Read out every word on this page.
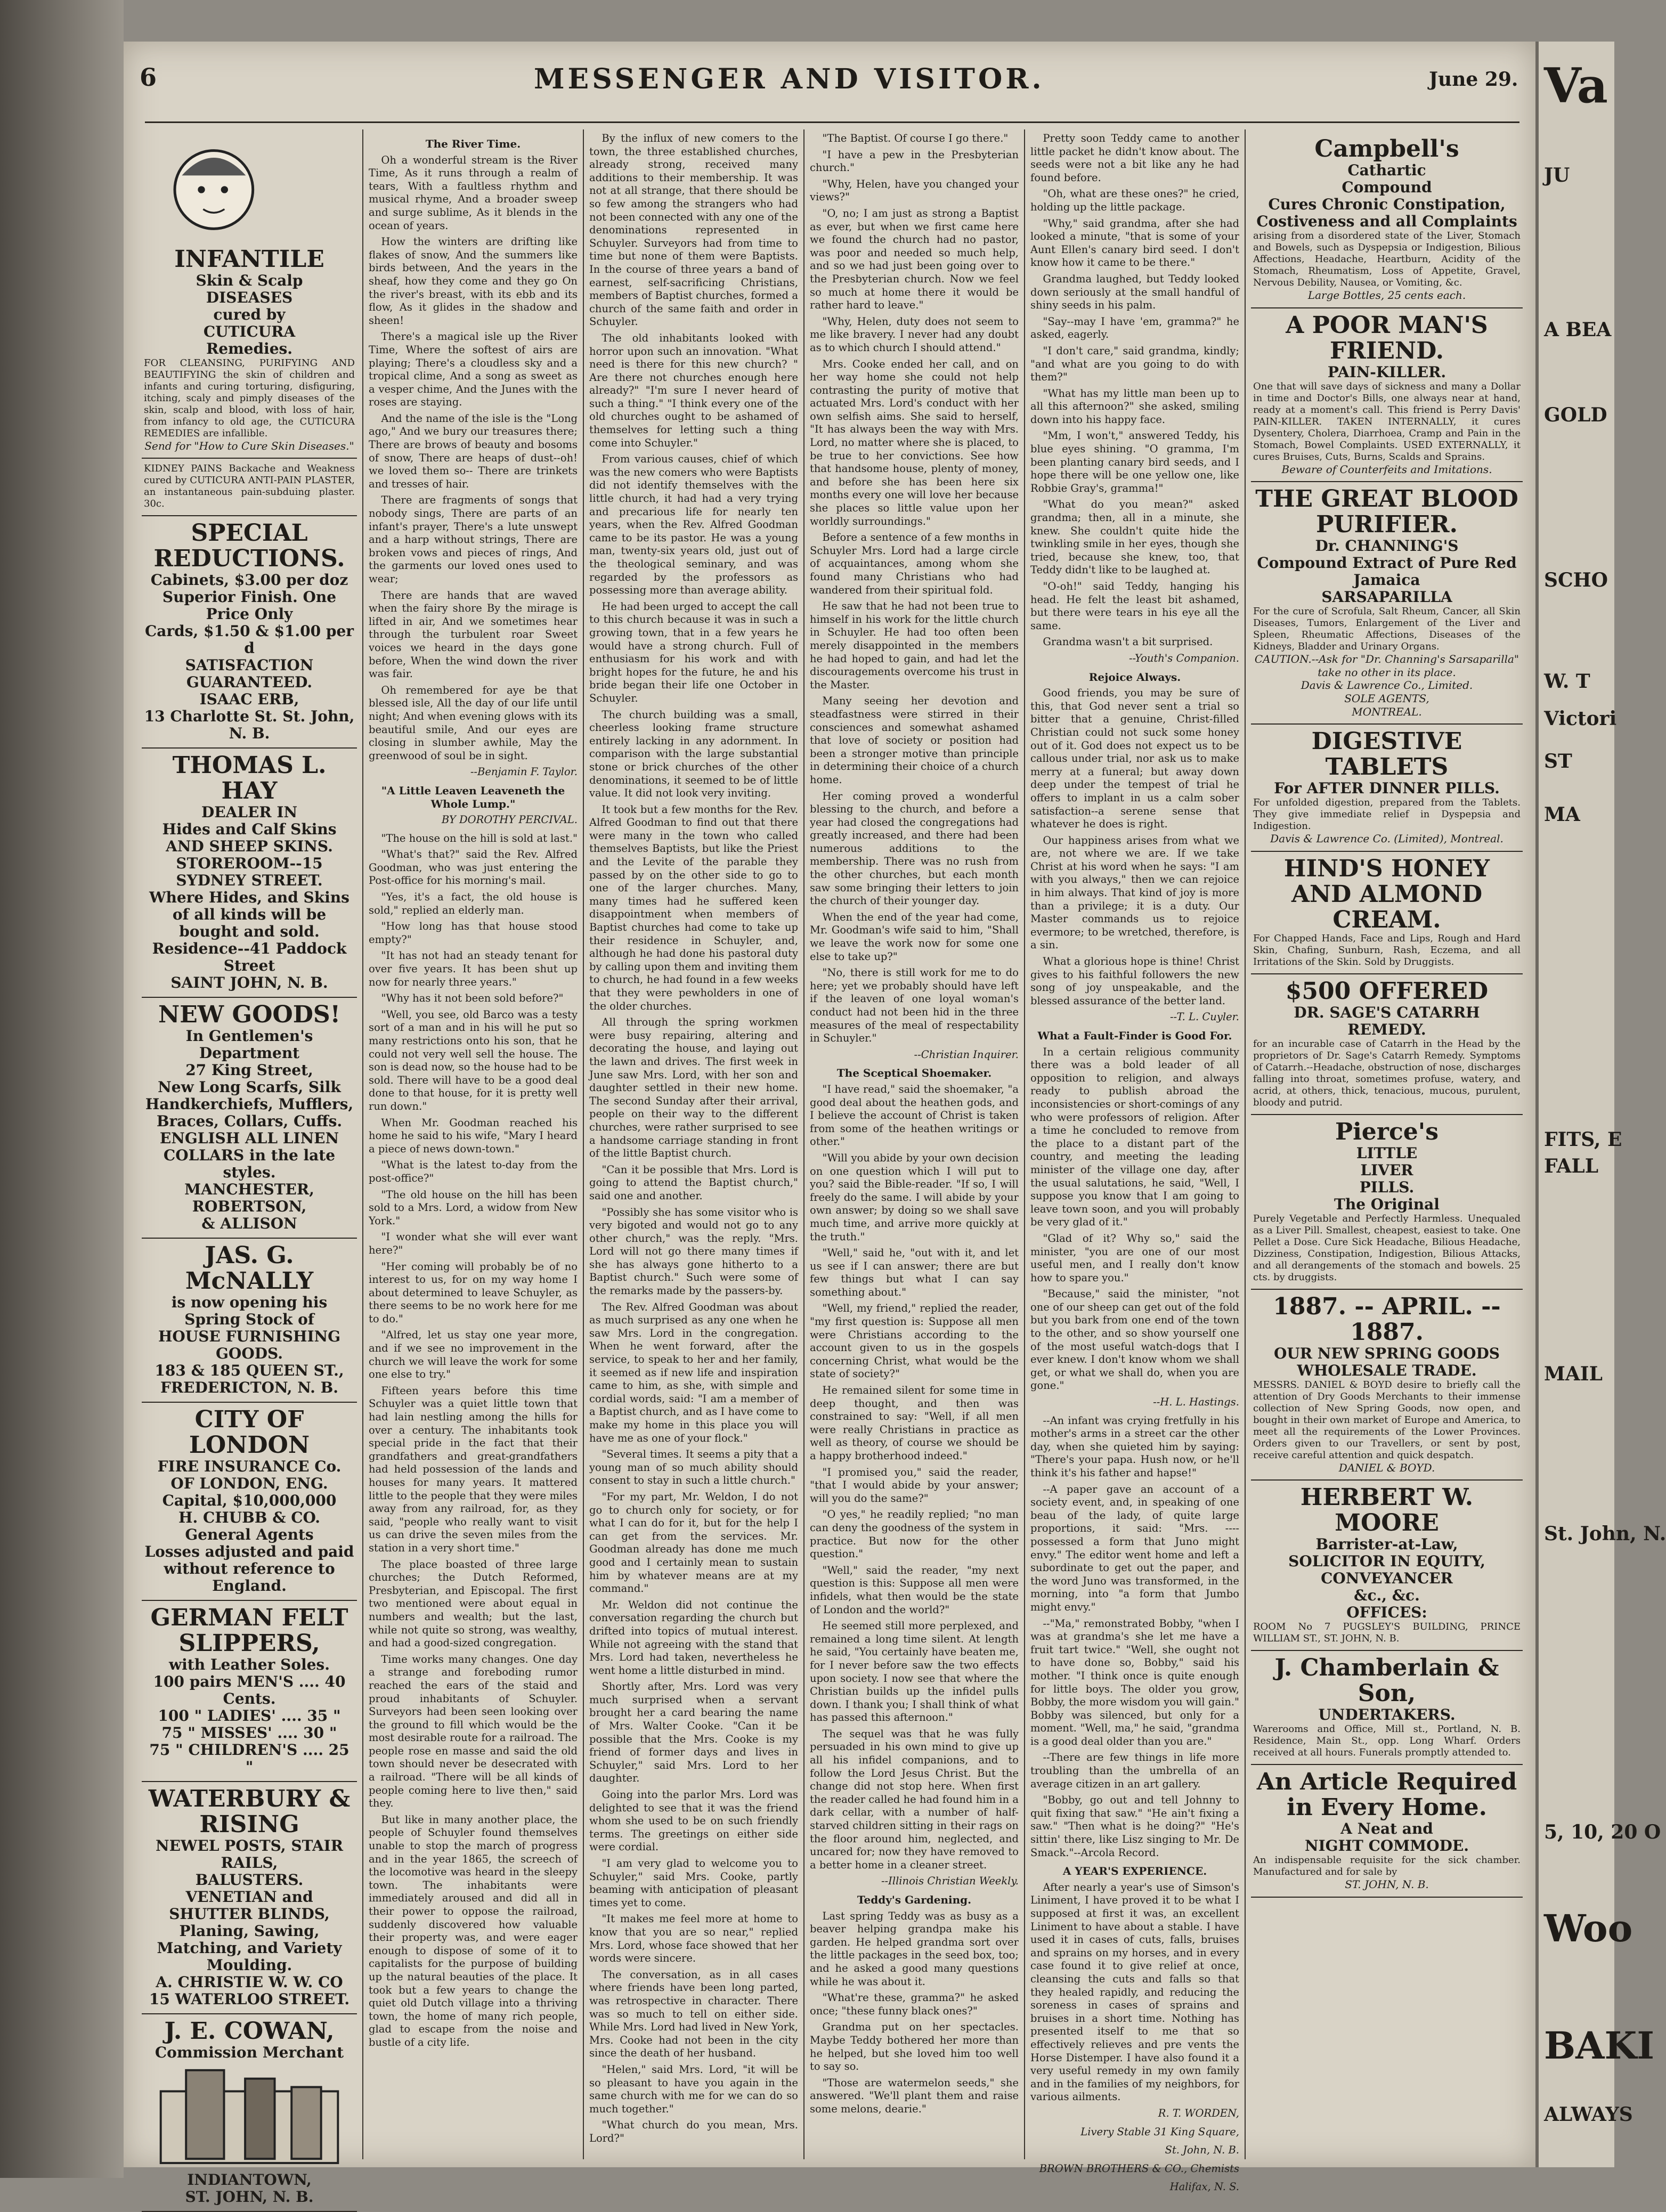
6	MESSENGER AND VISITOR.	June 29.
INFANTILE
Skin & Scalp
DISEASES
cured by
CUTICURA
Remedies.
FOR CLEANSING, PURIFYING AND BEAUTIFYING the skin of children and infants and curing torturing, disfiguring, itching, scaly and pimply diseases of the skin, scalp and blood, with loss of hair, from infancy to old age, the CUTICURA REMEDIES are infallible.
Send for "How to Cure Skin Diseases."
KIDNEY PAINS Backache and Weakness cured by CUTICURA ANTI-PAIN PLASTER, an instantaneous pain-subduing plaster. 30c.
SPECIAL REDUCTIONS.
Cabinets, $3.00 per doz
Superior Finish. One Price Only
Cards, $1.50 & $1.00 per d
SATISFACTION GUARANTEED.
ISAAC ERB,
13 Charlotte St. St. John, N. B.
THOMAS L. HAY
DEALER IN
Hides and Calf Skins
AND SHEEP SKINS.
STOREROOM--15 SYDNEY STREET.
Where Hides, and Skins of all kinds will be bought and sold.
Residence--41 Paddock Street
SAINT JOHN, N. B.
NEW GOODS!
In Gentlemen's Department
27 King Street,
New Long Scarfs, Silk Handkerchiefs, Mufflers, Braces, Collars, Cuffs.
ENGLISH ALL LINEN COLLARS in the late styles.
MANCHESTER,
ROBERTSON,
& ALLISON
JAS. G. McNALLY
is now opening his Spring Stock of
HOUSE FURNISHING GOODS.
183 & 185 QUEEN ST., FREDERICTON, N. B.
CITY OF LONDON
FIRE INSURANCE Co.
OF LONDON, ENG.
Capital, $10,000,000
H. CHUBB & CO.
General Agents
Losses adjusted and paid without reference to England.
GERMAN FELT SLIPPERS,
with Leather Soles.
100 pairs MEN'S .... 40 Cents.
100 " LADIES' .... 35 "
75 " MISSES' .... 30 "
75 " CHILDREN'S .... 25 "
WATERBURY & RISING
NEWEL POSTS, STAIR RAILS,
BALUSTERS.
VENETIAN and SHUTTER BLINDS,
Planing, Sawing, Matching, and Variety Moulding.
A. CHRISTIE W. W. CO
15 WATERLOO STREET.
J. E. COWAN,
Commission Merchant
INDIANTOWN,
ST. JOHN, N. B.
The River Time.

Oh a wonderful stream is the River Time, As it runs through a realm of tears, With a faultless rhythm and musical rhyme, And a broader sweep and surge sublime, As it blends in the ocean of years.

How the winters are drifting like flakes of snow, And the summers like birds between, And the years in the sheaf, how they come and they go On the river's breast, with its ebb and its flow, As it glides in the shadow and sheen!

There's a magical isle up the River Time, Where the softest of airs are playing; There's a cloudless sky and a tropical clime, And a song as sweet as a vesper chime, And the Junes with the roses are staying.

And the name of the isle is the "Long ago," And we bury our treasures there; There are brows of beauty and bosoms of snow, There are heaps of dust--oh! we loved them so-- There are trinkets and tresses of hair.

There are fragments of songs that nobody sings, There are parts of an infant's prayer, There's a lute unswept and a harp without strings, There are broken vows and pieces of rings, And the garments our loved ones used to wear;

There are hands that are waved when the fairy shore By the mirage is lifted in air, And we sometimes hear through the turbulent roar Sweet voices we heard in the days gone before, When the wind down the river was fair.

Oh remembered for aye be that blessed isle, All the day of our life until night; And when evening glows with its beautiful smile, And our eyes are closing in slumber awhile, May the greenwood of soul be in sight.

--Benjamin F. Taylor.
"A Little Leaven Leaveneth the Whole Lump."
BY DOROTHY PERCIVAL.

"The house on the hill is sold at last."

"What's that?" said the Rev. Alfred Goodman, who was just entering the Post-office for his morning's mail.

"Yes, it's a fact, the old house is sold," replied an elderly man.

"How long has that house stood empty?"

"It has not had an steady tenant for over five years. It has been shut up now for nearly three years."

"Why has it not been sold before?"

"Well, you see, old Barco was a testy sort of a man and in his will he put so many restrictions onto his son, that he could not very well sell the house. The son is dead now, so the house had to be sold. There will have to be a good deal done to that house, for it is pretty well run down."

When Mr. Goodman reached his home he said to his wife, "Mary I heard a piece of news down-town."

"What is the latest to-day from the post-office?"

"The old house on the hill has been sold to a Mrs. Lord, a widow from New York."

"I wonder what she will ever want here?"

"Her coming will probably be of no interest to us, for on my way home I about determined to leave Schuyler, as there seems to be no work here for me to do."

"Alfred, let us stay one year more, and if we see no improvement in the church we will leave the work for some one else to try."

Fifteen years before this time Schuyler was a quiet little town that had lain nestling among the hills for over a century. The inhabitants took special pride in the fact that their grandfathers and great-grandfathers had held possession of the lands and houses for many years. It mattered little to the people that they were miles away from any railroad, for, as they said, "people who really want to visit us can drive the seven miles from the station in a very short time."

The place boasted of three large churches; the Dutch Reformed, Presbyterian, and Episcopal. The first two mentioned were about equal in numbers and wealth; but the last, while not quite so strong, was wealthy, and had a good-sized congregation.

Time works many changes. One day a strange and foreboding rumor reached the ears of the staid and proud inhabitants of Schuyler. Surveyors had been seen looking over the ground to fill which would be the most desirable route for a railroad. The people rose en masse and said the old town should never be desecrated with a railroad. "There will be all kinds of people coming here to live then," said they.

But like in many another place, the people of Schuyler found themselves unable to stop the march of progress and in the year 1865, the screech of the locomotive was heard in the sleepy town. The inhabitants were immediately aroused and did all in their power to oppose the railroad, suddenly discovered how valuable their property was, and were eager enough to dispose of some of it to capitalists for the purpose of building up the natural beauties of the place. It took but a few years to change the quiet old Dutch village into a thriving town, the home of many rich people, glad to escape from the noise and bustle of a city life.

By the influx of new comers to the town, the three established churches, already strong, received many additions to their membership. It was not at all strange, that there should be so few among the strangers who had not been connected with any one of the denominations represented in Schuyler. Surveyors had from time to time but none of them were Baptists. In the course of three years a band of earnest, self-sacrificing Christians, members of Baptist churches, formed a church of the same faith and order in Schuyler.

The old inhabitants looked with horror upon such an innovation. "What need is there for this new church? " Are there not churches enough here already?" "I'm sure I never heard of such a thing." "I think every one of the old churches ought to be ashamed of themselves for letting such a thing come into Schuyler."

From various causes, chief of which was the new comers who were Baptists did not identify themselves with the little church, it had had a very trying and precarious life for nearly ten years, when the Rev. Alfred Goodman came to be its pastor. He was a young man, twenty-six years old, just out of the theological seminary, and was regarded by the professors as possessing more than average ability.

He had been urged to accept the call to this church because it was in such a growing town, that in a few years he would have a strong church. Full of enthusiasm for his work and with bright hopes for the future, he and his bride began their life one October in Schuyler.

The church building was a small, cheerless looking frame structure entirely lacking in any adornment. In comparison with the large substantial stone or brick churches of the other denominations, it seemed to be of little value. It did not look very inviting.

It took but a few months for the Rev. Alfred Goodman to find out that there were many in the town who called themselves Baptists, but like the Priest and the Levite of the parable they passed by on the other side to go to one of the larger churches. Many, many times had he suffered keen disappointment when members of Baptist churches had come to take up their residence in Schuyler, and, although he had done his pastoral duty by calling upon them and inviting them to church, he had found in a few weeks that they were pewholders in one of the older churches.

All through the spring workmen were busy repairing, altering and decorating the house, and laying out the lawn and drives. The first week in June saw Mrs. Lord, with her son and daughter settled in their new home. The second Sunday after their arrival, people on their way to the different churches, were rather surprised to see a handsome carriage standing in front of the little Baptist church.

"Can it be possible that Mrs. Lord is going to attend the Baptist church," said one and another.

"Possibly she has some visitor who is very bigoted and would not go to any other church," was the reply. "Mrs. Lord will not go there many times if she has always gone hitherto to a Baptist church." Such were some of the remarks made by the passers-by.

The Rev. Alfred Goodman was about as much surprised as any one when he saw Mrs. Lord in the congregation. When he went forward, after the service, to speak to her and her family, it seemed as if new life and inspiration came to him, as she, with simple and cordial words, said: "I am a member of a Baptist church, and as I have come to make my home in this place you will have me as one of your flock."

"Several times. It seems a pity that a young man of so much ability should consent to stay in such a little church."

"For my part, Mr. Weldon, I do not go to church only for society, or for what I can do for it, but for the help I can get from the services. Mr. Goodman already has done me much good and I certainly mean to sustain him by whatever means are at my command."

Mr. Weldon did not continue the conversation regarding the church but drifted into topics of mutual interest. While not agreeing with the stand that Mrs. Lord had taken, nevertheless he went home a little disturbed in mind.

Shortly after, Mrs. Lord was very much surprised when a servant brought her a card bearing the name of Mrs. Walter Cooke. "Can it be possible that the Mrs. Cooke is my friend of former days and lives in Schuyler," said Mrs. Lord to her daughter.

Going into the parlor Mrs. Lord was delighted to see that it was the friend whom she used to be on such friendly terms. The greetings on either side were cordial.

"I am very glad to welcome you to Schuyler," said Mrs. Cooke, partly beaming with anticipation of pleasant times yet to come.

"It makes me feel more at home to know that you are so near," replied Mrs. Lord, whose face showed that her words were sincere.

The conversation, as in all cases where friends have been long parted, was retrospective in character. There was so much to tell on either side. While Mrs. Lord had lived in New York, Mrs. Cooke had not been in the city since the death of her husband.

"Helen," said Mrs. Lord, "it will be so pleasant to have you again in the same church with me for we can do so much together."

"What church do you mean, Mrs. Lord?"

"The Baptist. Of course I go there."

"I have a pew in the Presbyterian church."

"Why, Helen, have you changed your views?"

"O, no; I am just as strong a Baptist as ever, but when we first came here we found the church had no pastor, was poor and needed so much help, and so we had just been going over to the Presbyterian church. Now we feel so much at home there it would be rather hard to leave."

"Why, Helen, duty does not seem to me like bravery. I never had any doubt as to which church I should attend."

Mrs. Cooke ended her call, and on her way home she could not help contrasting the purity of motive that actuated Mrs. Lord's conduct with her own selfish aims. She said to herself, "It has always been the way with Mrs. Lord, no matter where she is placed, to be true to her convictions. See how that handsome house, plenty of money, and before she has been here six months every one will love her because she places so little value upon her worldly surroundings."

Before a sentence of a few months in Schuyler Mrs. Lord had a large circle of acquaintances, among whom she found many Christians who had wandered from their spiritual fold.

He saw that he had not been true to himself in his work for the little church in Schuyler. He had too often been merely disappointed in the members he had hoped to gain, and had let the discouragements overcome his trust in the Master.

Many seeing her devotion and steadfastness were stirred in their consciences and somewhat ashamed that love of society or position had been a stronger motive than principle in determining their choice of a church home.

Her coming proved a wonderful blessing to the church, and before a year had closed the congregations had greatly increased, and there had been numerous additions to the membership. There was no rush from the other churches, but each month saw some bringing their letters to join the church of their younger day.

When the end of the year had come, Mr. Goodman's wife said to him, "Shall we leave the work now for some one else to take up?"

"No, there is still work for me to do here; yet we probably should have left if the leaven of one loyal woman's conduct had not been hid in the three measures of the meal of respectability in Schuyler."

--Christian Inquirer.
The Sceptical Shoemaker.

"I have read," said the shoemaker, "a good deal about the heathen gods, and I believe the account of Christ is taken from some of the heathen writings or other."

"Will you abide by your own decision on one question which I will put to you? said the Bible-reader. "If so, I will freely do the same. I will abide by your own answer; by doing so we shall save much time, and arrive more quickly at the truth."

"Well," said he, "out with it, and let us see if I can answer; there are but few things but what I can say something about."

"Well, my friend," replied the reader, "my first question is: Suppose all men were Christians according to the account given to us in the gospels concerning Christ, what would be the state of society?"

He remained silent for some time in deep thought, and then was constrained to say: "Well, if all men were really Christians in practice as well as theory, of course we should be a happy brotherhood indeed."

"I promised you," said the reader, "that I would abide by your answer; will you do the same?"

"O yes," he readily replied; "no man can deny the goodness of the system in practice. But now for the other question."

"Well," said the reader, "my next question is this: Suppose all men were infidels, what then would be the state of London and the world?"

He seemed still more perplexed, and remained a long time silent. At length he said, "You certainly have beaten me, for I never before saw the two effects upon society. I now see that where the Christian builds up the infidel pulls down. I thank you; I shall think of what has passed this afternoon."

The sequel was that he was fully persuaded in his own mind to give up all his infidel companions, and to follow the Lord Jesus Christ. But the change did not stop here. When first the reader called he had found him in a dark cellar, with a number of half-starved children sitting in their rags on the floor around him, neglected, and uncared for; now they have removed to a better home in a cleaner street.

--Illinois Christian Weekly.
Teddy's Gardening.

Last spring Teddy was as busy as a beaver helping grandpa make his garden. He helped grandma sort over the little packages in the seed box, too; and he asked a good many questions while he was about it.

"What're these, gramma?" he asked once; "these funny black ones?"

Grandma put on her spectacles. Maybe Teddy bothered her more than he helped, but she loved him too well to say so.

"Those are watermelon seeds," she answered. "We'll plant them and raise some melons, dearie."

Pretty soon Teddy came to another little packet he didn't know about. The seeds were not a bit like any he had found before.

"Oh, what are these ones?" he cried, holding up the little package.

"Why," said grandma, after she had looked a minute, "that is some of your Aunt Ellen's canary bird seed. I don't know how it came to be there."

Grandma laughed, but Teddy looked down seriously at the small handful of shiny seeds in his palm.

"Say--may I have 'em, gramma?" he asked, eagerly.

"I don't care," said grandma, kindly; "and what are you going to do with them?"

"What has my little man been up to all this afternoon?" she asked, smiling down into his happy face.

"Mm, I won't," answered Teddy, his blue eyes shining. "O gramma, I'm been planting canary bird seeds, and I hope there will be one yellow one, like Robbie Gray's, gramma!"

"What do you mean?" asked grandma; then, all in a minute, she knew. She couldn't quite hide the twinkling smile in her eyes, though she tried, because she knew, too, that Teddy didn't like to be laughed at.

"O-oh!" said Teddy, hanging his head. He felt the least bit ashamed, but there were tears in his eye all the same.

Grandma wasn't a bit surprised.

--Youth's Companion.
Rejoice Always.

Good friends, you may be sure of this, that God never sent a trial so bitter that a genuine, Christ-filled Christian could not suck some honey out of it. God does not expect us to be callous under trial, nor ask us to make merry at a funeral; but away down deep under the tempest of trial he offers to implant in us a calm sober satisfaction--a serene sense that whatever he does is right.

Our happiness arises from what we are, not where we are. If we take Christ at his word when he says: "I am with you always," then we can rejoice in him always. That kind of joy is more than a privilege; it is a duty. Our Master commands us to rejoice evermore; to be wretched, therefore, is a sin.

What a glorious hope is thine! Christ gives to his faithful followers the new song of joy unspeakable, and the blessed assurance of the better land.

--T. L. Cuyler.
What a Fault-Finder is Good For.

In a certain religious community there was a bold leader of all opposition to religion, and always ready to publish abroad the inconsistencies or short-comings of any who were professors of religion. After a time he concluded to remove from the place to a distant part of the country, and meeting the leading minister of the village one day, after the usual salutations, he said, "Well, I suppose you know that I am going to leave town soon, and you will probably be very glad of it."

"Glad of it? Why so," said the minister, "you are one of our most useful men, and I really don't know how to spare you."

"Because," said the minister, "not one of our sheep can get out of the fold but you bark from one end of the town to the other, and so show yourself one of the most useful watch-dogs that I ever knew. I don't know whom we shall get, or what we shall do, when you are gone."

--H. L. Hastings.

--An infant was crying fretfully in his mother's arms in a street car the other day, when she quieted him by saying: "There's your papa. Hush now, or he'll think it's his father and hapse!"

--A paper gave an account of a society event, and, in speaking of one beau of the lady, of quite large proportions, it said: "Mrs. ---- possessed a form that Juno might envy." The editor went home and left a subordinate to get out the paper, and the word Juno was transformed, in the morning, into "a form that Jumbo might envy."

--"Ma," remonstrated Bobby, "when I was at grandma's she let me have a fruit tart twice." "Well, she ought not to have done so, Bobby," said his mother. "I think once is quite enough for little boys. The older you grow, Bobby, the more wisdom you will gain." Bobby was silenced, but only for a moment. "Well, ma," he said, "grandma is a good deal older than you are."

--There are few things in life more troubling than the umbrella of an average citizen in an art gallery.

"Bobby, go out and tell Johnny to quit fixing that saw." "He ain't fixing a saw." "Then what is he doing?" "He's sittin' there, like Lisz singing to Mr. De Smack."--Arcola Record.

A YEAR'S EXPERIENCE.

After nearly a year's use of Simson's Liniment, I have proved it to be what I supposed at first it was, an excellent Liniment to have about a stable. I have used it in cases of cuts, falls, bruises and sprains on my horses, and in every case found it to give relief at once, cleansing the cuts and falls so that they healed rapidly, and reducing the soreness in cases of sprains and bruises in a short time. Nothing has presented itself to me that so effectively relieves and pre vents the Horse Distemper. I have also found it a very useful remedy in my own family and in the families of my neighbors, for various ailments.

R. T. WORDEN,
Livery Stable 31 King Square,
St. John, N. B.
BROWN BROTHERS & CO., Chemists
Halifax, N. S.
Campbell's
Cathartic
Compound
Cures Chronic Constipation, Costiveness and all Complaints
arising from a disordered state of the Liver, Stomach and Bowels, such as Dyspepsia or Indigestion, Bilious Affections, Headache, Heartburn, Acidity of the Stomach, Rheumatism, Loss of Appetite, Gravel, Nervous Debility, Nausea, or Vomiting, &c.
Large Bottles, 25 cents each.
A POOR MAN'S FRIEND.
PAIN-KILLER.
One that will save days of sickness and many a Dollar in time and Doctor's Bills, one always near at hand, ready at a moment's call. This friend is Perry Davis' PAIN-KILLER. TAKEN INTERNALLY, it cures Dysentery, Cholera, Diarrhoea, Cramp and Pain in the Stomach, Bowel Complaints. USED EXTERNALLY, it cures Bruises, Cuts, Burns, Scalds and Sprains.
Beware of Counterfeits and Imitations.
THE GREAT BLOOD PURIFIER.
Dr. CHANNING'S
Compound Extract of Pure Red Jamaica
SARSAPARILLA
For the cure of Scrofula, Salt Rheum, Cancer, all Skin Diseases, Tumors, Enlargement of the Liver and Spleen, Rheumatic Affections, Diseases of the Kidneys, Bladder and Urinary Organs.
CAUTION.--Ask for "Dr. Channing's Sarsaparilla" take no other in its place.
Davis & Lawrence Co., Limited.
SOLE AGENTS,
MONTREAL.
DIGESTIVE TABLETS
For AFTER DINNER PILLS.
For unfolded digestion, prepared from the Tablets. They give immediate relief in Dyspepsia and Indigestion.
Davis & Lawrence Co. (Limited), Montreal.
HIND'S HONEY AND ALMOND CREAM.
For Chapped Hands, Face and Lips, Rough and Hard Skin, Chafing, Sunburn, Rash, Eczema, and all Irritations of the Skin. Sold by Druggists.
$500 OFFERED
DR. SAGE'S CATARRH REMEDY.
for an incurable case of Catarrh in the Head by the proprietors of Dr. Sage's Catarrh Remedy. Symptoms of Catarrh.--Headache, obstruction of nose, discharges falling into throat, sometimes profuse, watery, and acrid, at others, thick, tenacious, mucous, purulent, bloody and putrid.
Pierce's
LITTLE
LIVER
PILLS.
The Original
Purely Vegetable and Perfectly Harmless. Unequaled as a Liver Pill. Smallest, cheapest, easiest to take. One Pellet a Dose. Cure Sick Headache, Bilious Headache, Dizziness, Constipation, Indigestion, Bilious Attacks, and all derangements of the stomach and bowels. 25 cts. by druggists.
1887. -- APRIL. -- 1887.
OUR NEW SPRING GOODS
WHOLESALE TRADE.
MESSRS. DANIEL & BOYD desire to briefly call the attention of Dry Goods Merchants to their immense collection of New Spring Goods, now open, and bought in their own market of Europe and America, to meet all the requirements of the Lower Provinces. Orders given to our Travellers, or sent by post, receive careful attention and quick despatch.
DANIEL & BOYD.
HERBERT W. MOORE
Barrister-at-Law,
SOLICITOR IN EQUITY, CONVEYANCER
&c., &c.
OFFICES:
ROOM No 7 PUGSLEY'S BUILDING, PRINCE WILLIAM ST., ST. JOHN, N. B.
J. Chamberlain & Son,
UNDERTAKERS.
Warerooms and Office, Mill st., Portland, N. B. Residence, Main St., opp. Long Wharf. Orders received at all hours. Funerals promptly attended to.
An Article Required in Every Home.
A Neat and
NIGHT COMMODE.
An indispensable requisite for the sick chamber. Manufactured and for sale by
ST. JOHN, N. B.
Va
JU
A BEA
GOLD
SCHO
W. T
Victori
ST
MA
FITS, E
FALL
MAIL
St. John, N.
5, 10, 20 O
Woo
BAKI
ALWAYS
